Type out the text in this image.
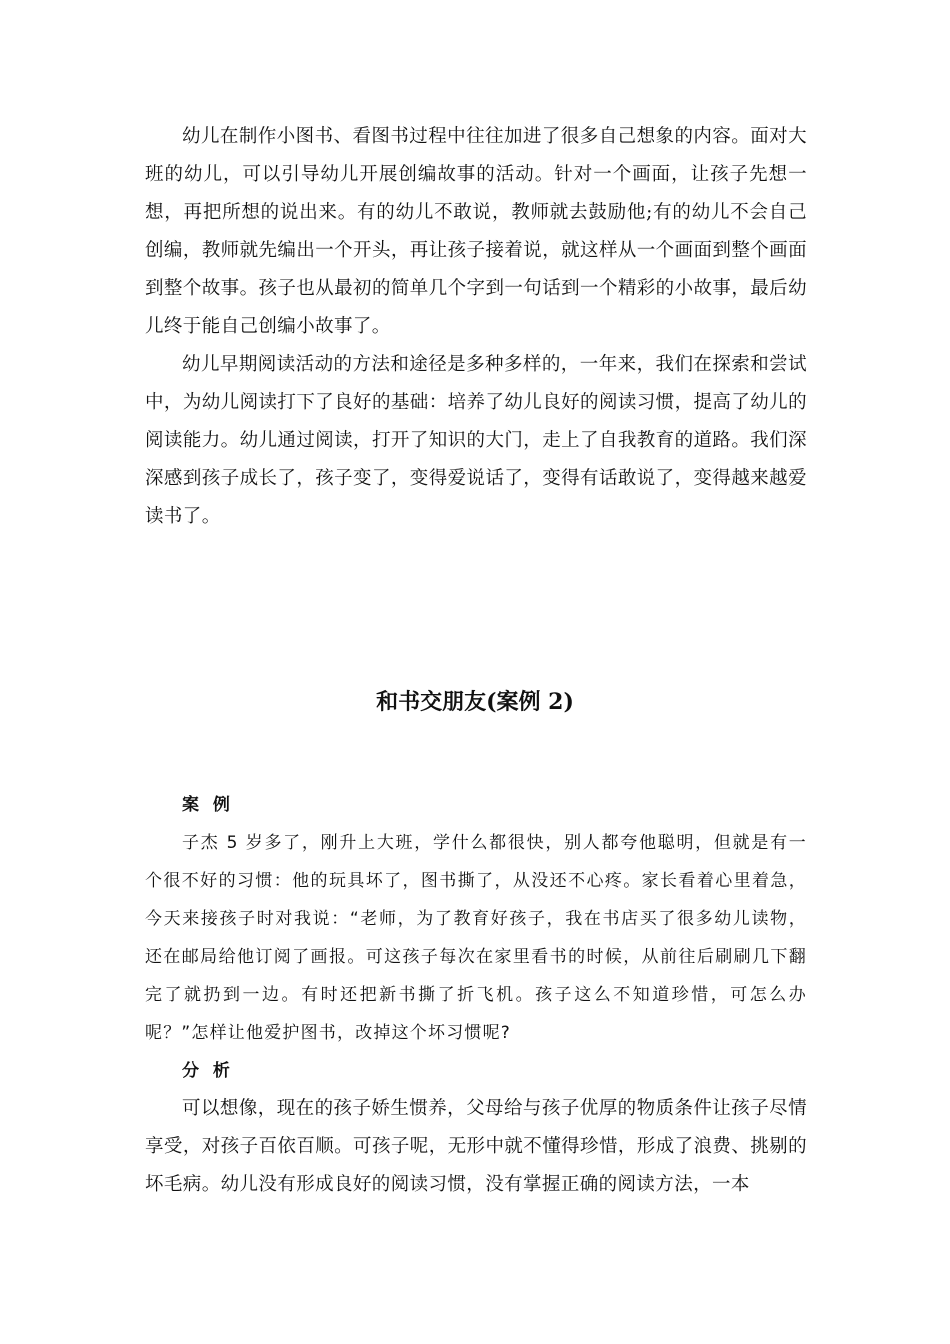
幼儿在制作小图书、看图书过程中往往加进了很多自己想象的内容。面对大班的幼儿，可以引导幼儿开展创编故事的活动。针对一个画面，让孩子先想一想，再把所想的说出来。有的幼儿不敢说，教师就去鼓励他;有的幼儿不会自己创编，教师就先编出一个开头，再让孩子接着说，就这样从一个画面到整个画面到整个故事。孩子也从最初的简单几个字到一句话到一个精彩的小故事，最后幼儿终于能自己创编小故事了。

幼儿早期阅读活动的方法和途径是多种多样的，一年来，我们在探索和尝试中，为幼儿阅读打下了良好的基础：培养了幼儿良好的阅读习惯，提高了幼儿的阅读能力。幼儿通过阅读，打开了知识的大门，走上了自我教育的道路。我们深深感到孩子成长了，孩子变了，变得爱说话了，变得有话敢说了，变得越来越爱读书了。

和书交朋友(案例 2)
案 例

子杰 5 岁多了，刚升上大班，学什么都很快，别人都夸他聪明，但就是有一个很不好的习惯：他的玩具坏了，图书撕了，从没还不心疼。家长看着心里着急，今天来接孩子时对我说：“老师，为了教育好孩子，我在书店买了很多幼儿读物，还在邮局给他订阅了画报。可这孩子每次在家里看书的时候，从前往后刷刷几下翻完了就扔到一边。有时还把新书撕了折飞机。孩子这么不知道珍惜，可怎么办呢？”怎样让他爱护图书，改掉这个坏习惯呢?

分 析

可以想像，现在的孩子娇生惯养，父母给与孩子优厚的物质条件让孩子尽情享受，对孩子百依百顺。可孩子呢，无形中就不懂得珍惜，形成了浪费、挑剔的坏毛病。幼儿没有形成良好的阅读习惯，没有掌握正确的阅读方法，一本
